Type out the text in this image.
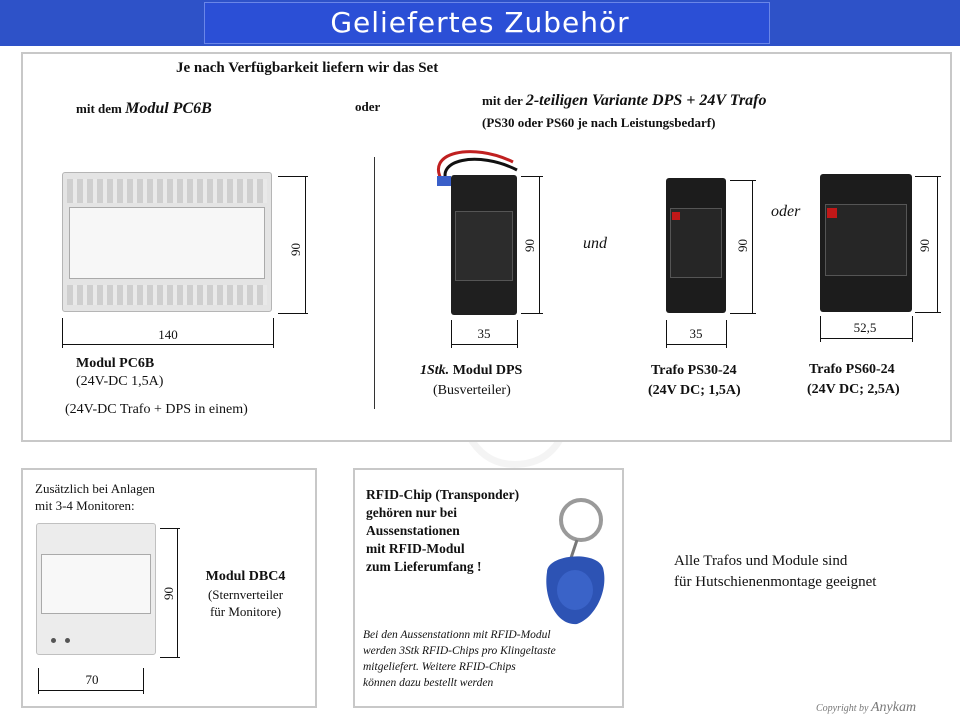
Geliefertes Zubehör
Je nach Verfügbarkeit liefern wir das Set
mit dem Modul PC6B	oder	mit der 2-teiligen Variante DPS + 24V Trafo
(PS30 oder PS60 je nach Leistungsbedarf)
90
140
Modul PC6B
(24V-DC 1,5A)
(24V-DC Trafo + DPS in einem)
90
35
1Stk. Modul DPS
(Busverteiler)
und	90
35
Trafo PS30-24
(24V DC; 1,5A)
oder
90
52,5
Trafo PS60-24
(24V DC; 2,5A)
Zusätzlich bei Anlagen
mit 3-4 Monitoren:
90
70
Modul DBC4
(Sternverteiler
für Monitore)
RFID-Chip (Transponder)
gehören nur bei
Aussenstationen
mit RFID-Modul
zum Lieferumfang !
Bei den Aussenstationn mit RFID-Modul
werden 3Stk RFID-Chips pro Klingeltaste
mitgeliefert. Weitere RFID-Chips
können dazu bestellt werden
Alle Trafos und Module sind
für Hutschienenmontage geeignet
Copyright by Anykam
